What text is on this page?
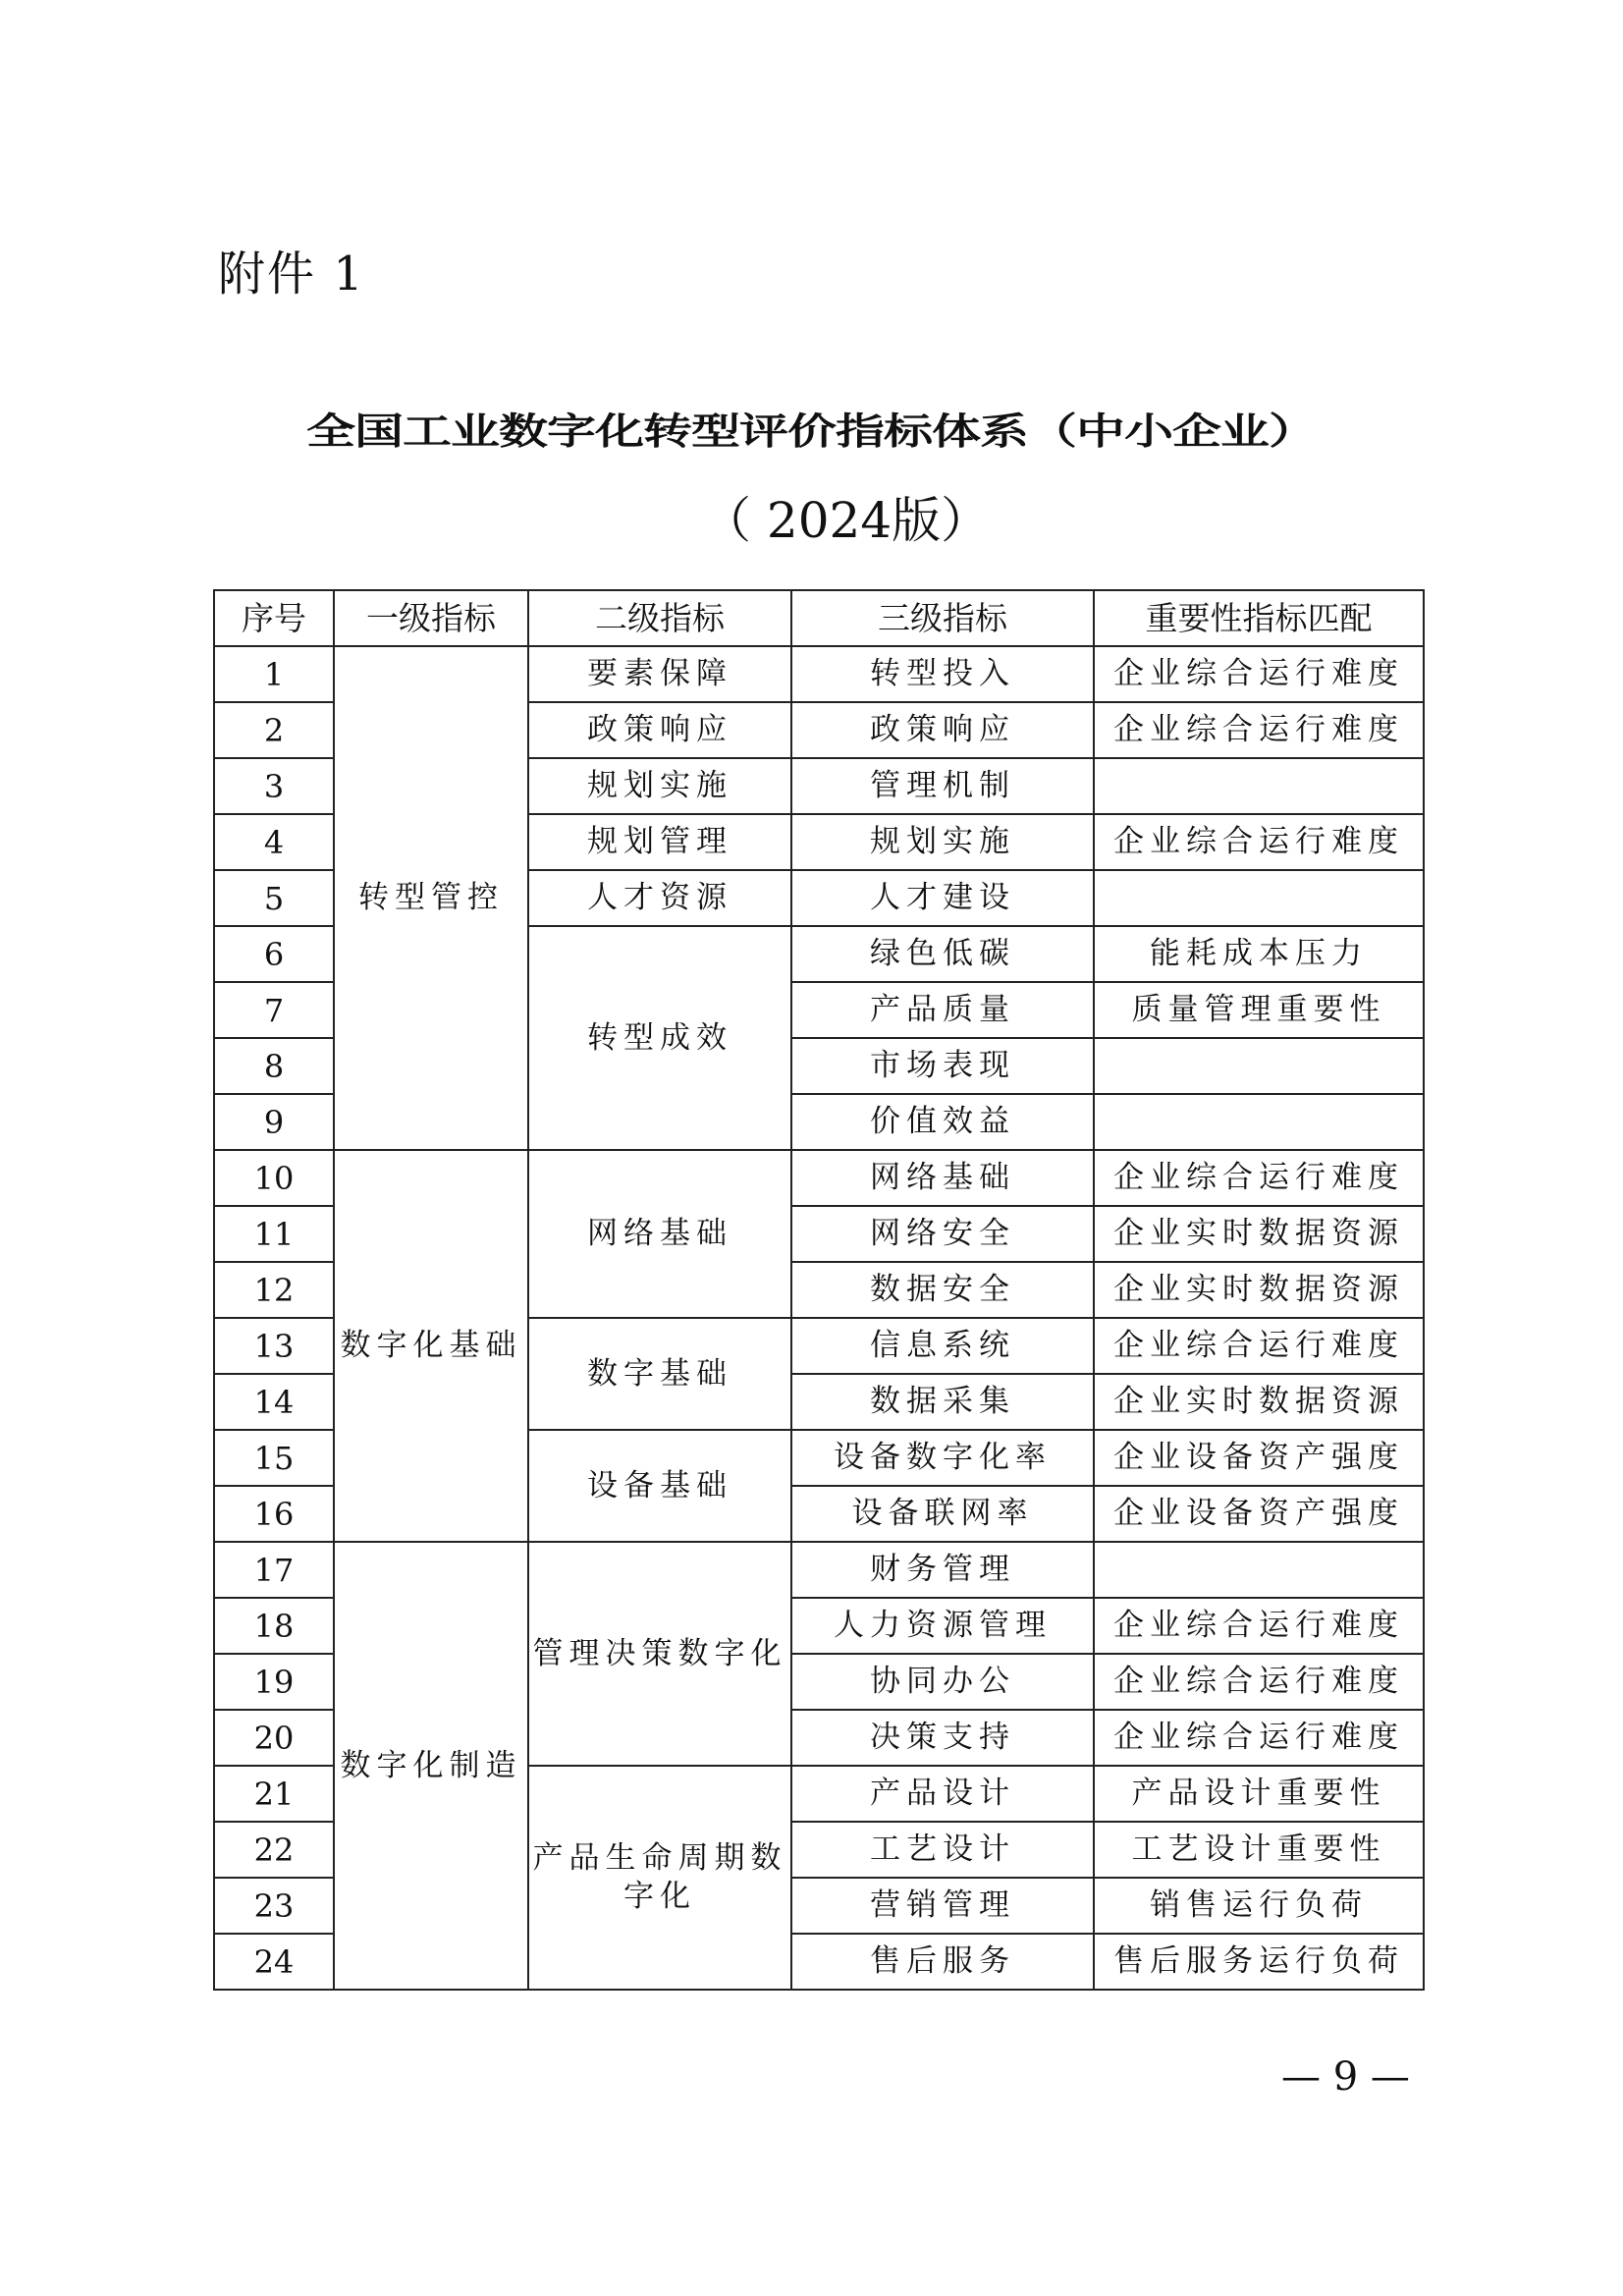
附件 1
全国工业数字化转型评价指标体系（中小企业）
（ 2024版）
序号	一级指标	二级指标	三级指标	重要性指标匹配
1	转型管控	要素保障	转型投入	企业综合运行难度
2		政策响应	政策响应	企业综合运行难度
3		规划实施	管理机制	
4		规划管理	规划实施	企业综合运行难度
5		人才资源	人才建设	
6		转型成效	绿色低碳	能耗成本压力
7			产品质量	质量管理重要性
8			市场表现	
9			价值效益	
10	数字化基础	网络基础	网络基础	企业综合运行难度
11			网络安全	企业实时数据资源
12			数据安全	企业实时数据资源
13		数字基础	信息系统	企业综合运行难度
14			数据采集	企业实时数据资源
15		设备基础	设备数字化率	企业设备资产强度
16			设备联网率	企业设备资产强度
17	数字化制造	管理决策数字化	财务管理	
18			人力资源管理	企业综合运行难度
19			协同办公	企业综合运行难度
20			决策支持	企业综合运行难度
21		产品生命周期数字化	产品设计	产品设计重要性
22			工艺设计	工艺设计重要性
23			营销管理	销售运行负荷
24			售后服务	售后服务运行负荷
— 9 —
